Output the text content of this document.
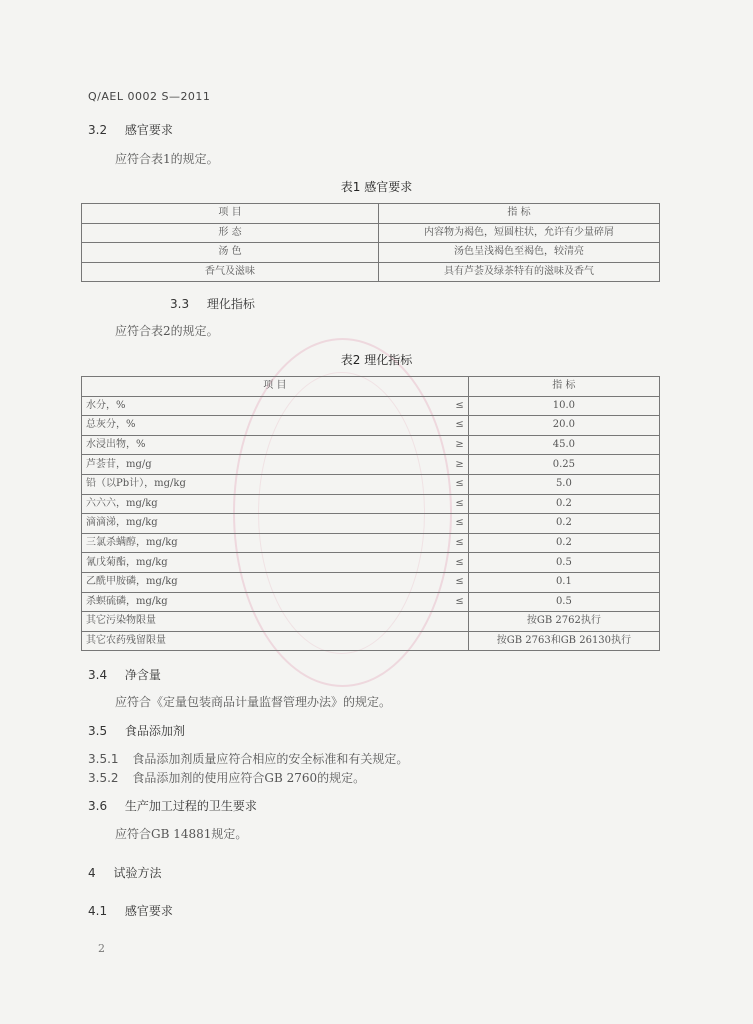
Q/AEL 0002 S—2011
3.2 感官要求
应符合表1的规定。
表1 感官要求
项 目	指 标
形 态	内容物为褐色，短圆柱状，允许有少量碎屑
汤 色	汤色呈浅褐色至褐色，较清亮
香气及滋味	具有芦荟及绿茶特有的滋味及香气
3.3 理化指标
应符合表2的规定。
表2 理化指标
项 目		指 标
水分，%	≤	10.0
总灰分，%	≤	20.0
水浸出物，%	≥	45.0
芦荟苷，mg/g	≥	0.25
铅（以Pb计），mg/kg	≤	5.0
六六六，mg/kg	≤	0.2
滴滴涕，mg/kg	≤	0.2
三氯杀螨醇，mg/kg	≤	0.2
氰戊菊酯，mg/kg	≤	0.5
乙酰甲胺磷，mg/kg	≤	0.1
杀螟硫磷，mg/kg	≤	0.5
其它污染物限量		按GB 2762执行
其它农药残留限量		按GB 2763和GB 26130执行
3.4 净含量
应符合《定量包装商品计量监督管理办法》的规定。
3.5 食品添加剂
3.5.1 食品添加剂质量应符合相应的安全标准和有关规定。
3.5.2 食品添加剂的使用应符合GB 2760的规定。
3.6 生产加工过程的卫生要求
应符合GB 14881规定。
4 试验方法
4.1 感官要求
2
